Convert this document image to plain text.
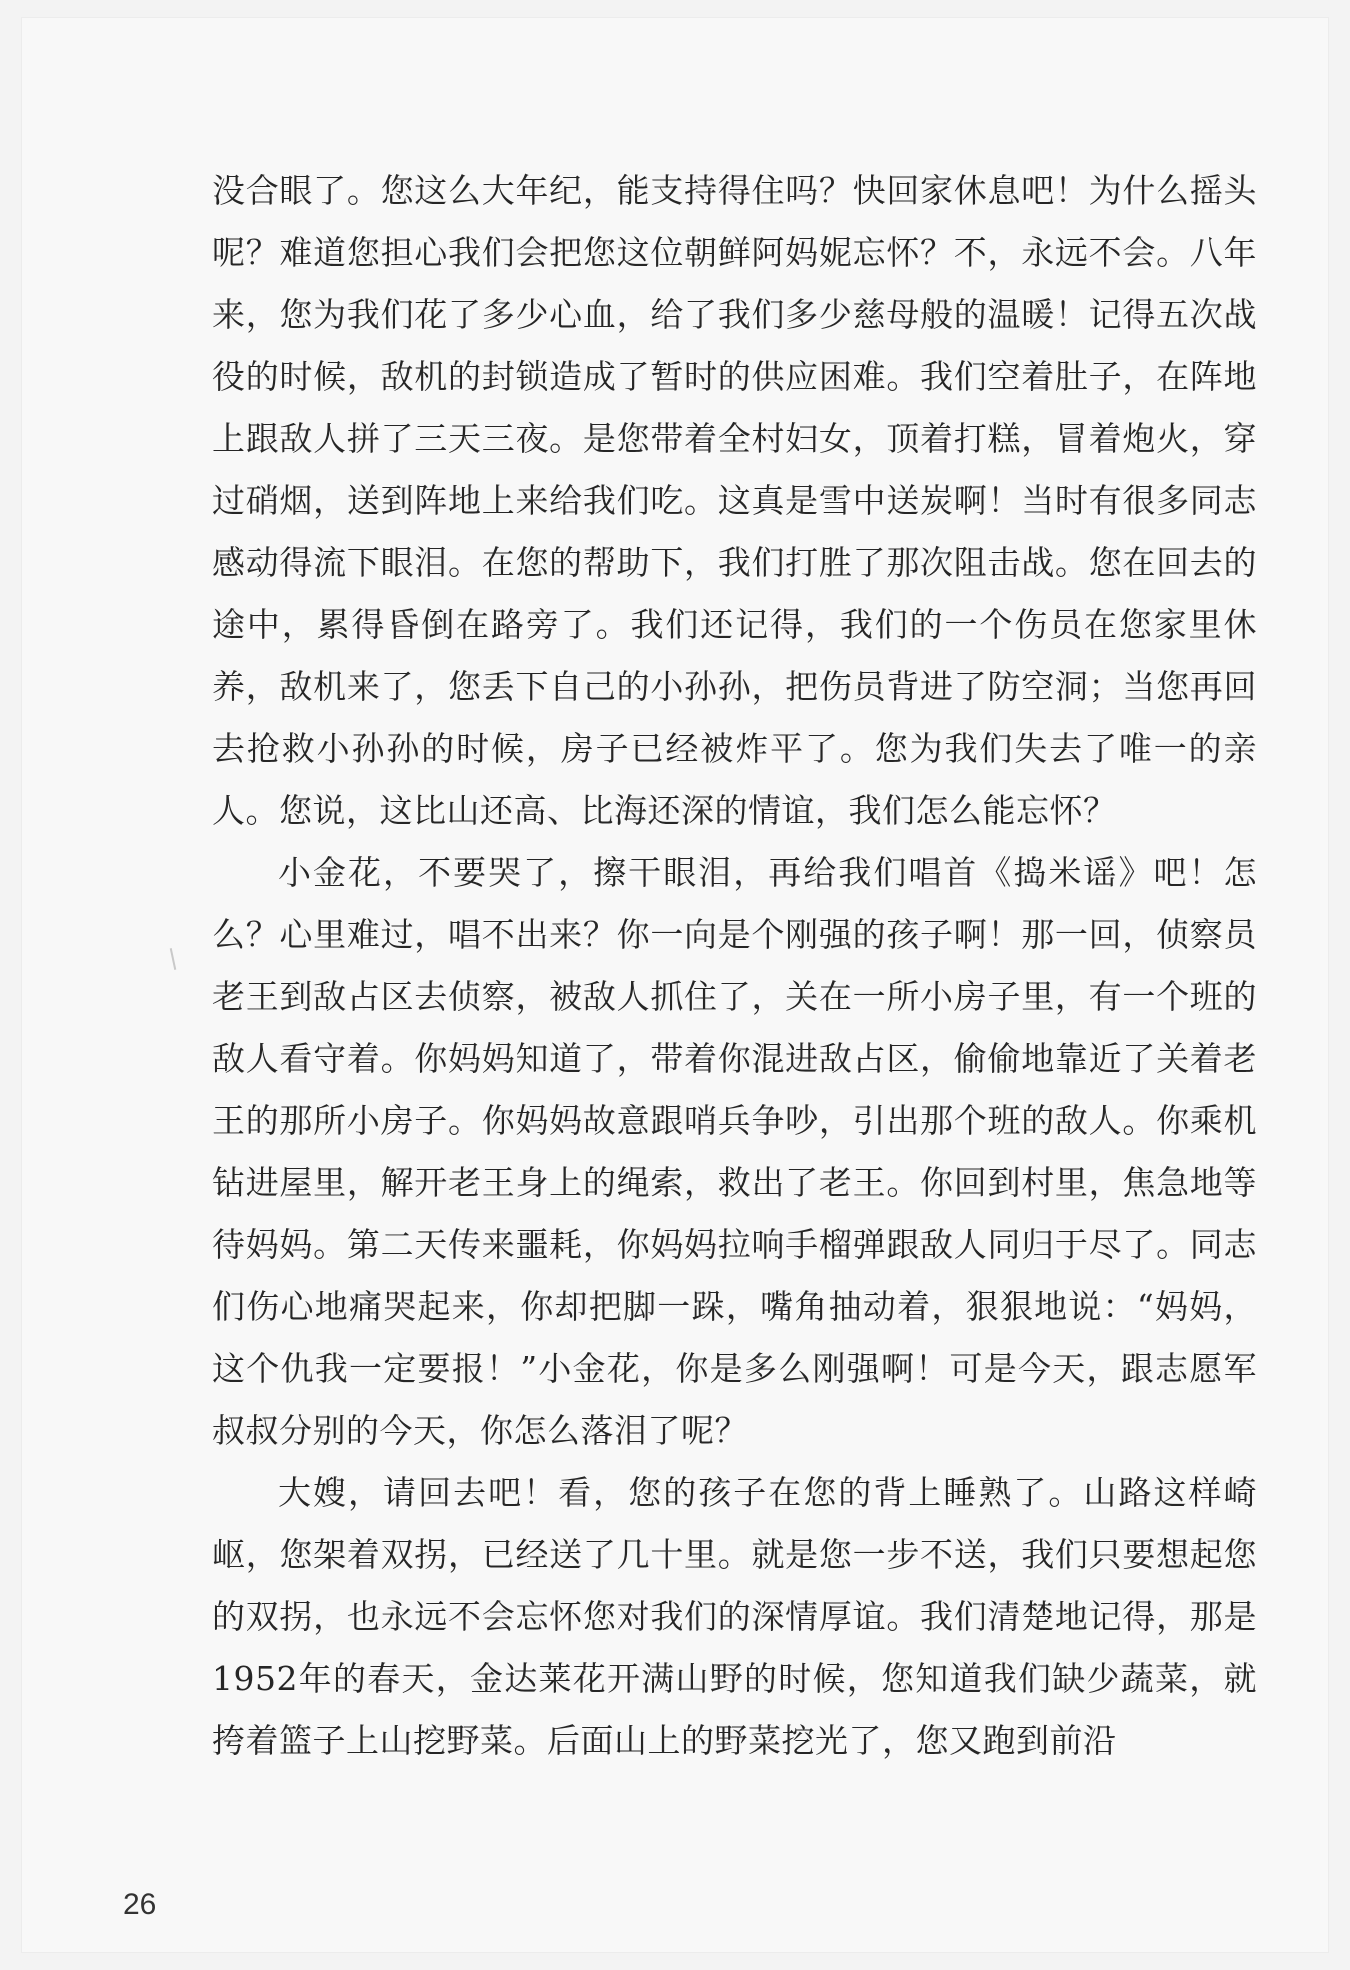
没合眼了。您这么大年纪，能支持得住吗？快回家休息吧！为什么摇头呢？难道您担心我们会把您这位朝鲜阿妈妮忘怀？不，永远不会。八年来，您为我们花了多少心血，给了我们多少慈母般的温暖！记得五次战役的时候，敌机的封锁造成了暂时的供应困难。我们空着肚子，在阵地上跟敌人拼了三天三夜。是您带着全村妇女，顶着打糕，冒着炮火，穿过硝烟，送到阵地上来给我们吃。这真是雪中送炭啊！当时有很多同志感动得流下眼泪。在您的帮助下，我们打胜了那次阻击战。您在回去的途中，累得昏倒在路旁了。我们还记得，我们的一个伤员在您家里休养，敌机来了，您丢下自己的小孙孙，把伤员背进了防空洞；当您再回去抢救小孙孙的时候，房子已经被炸平了。您为我们失去了唯一的亲人。您说，这比山还高、比海还深的情谊，我们怎么能忘怀？

小金花，不要哭了，擦干眼泪，再给我们唱首《捣米谣》吧！怎么？心里难过，唱不出来？你一向是个刚强的孩子啊！那一回，侦察员老王到敌占区去侦察，被敌人抓住了，关在一所小房子里，有一个班的敌人看守着。你妈妈知道了，带着你混进敌占区，偷偷地靠近了关着老王的那所小房子。你妈妈故意跟哨兵争吵，引出那个班的敌人。你乘机钻进屋里，解开老王身上的绳索，救出了老王。你回到村里，焦急地等待妈妈。第二天传来噩耗，你妈妈拉响手榴弹跟敌人同归于尽了。同志们伤心地痛哭起来，你却把脚一跺，嘴角抽动着，狠狠地说：“妈妈，这个仇我一定要报！”小金花，你是多么刚强啊！可是今天，跟志愿军叔叔分别的今天，你怎么落泪了呢？

大嫂，请回去吧！看，您的孩子在您的背上睡熟了。山路这样崎岖，您架着双拐，已经送了几十里。就是您一步不送，我们只要想起您的双拐，也永远不会忘怀您对我们的深情厚谊。我们清楚地记得，那是1952年的春天，金达莱花开满山野的时候，您知道我们缺少蔬菜，就挎着篮子上山挖野菜。后面山上的野菜挖光了，您又跑到前沿

26
